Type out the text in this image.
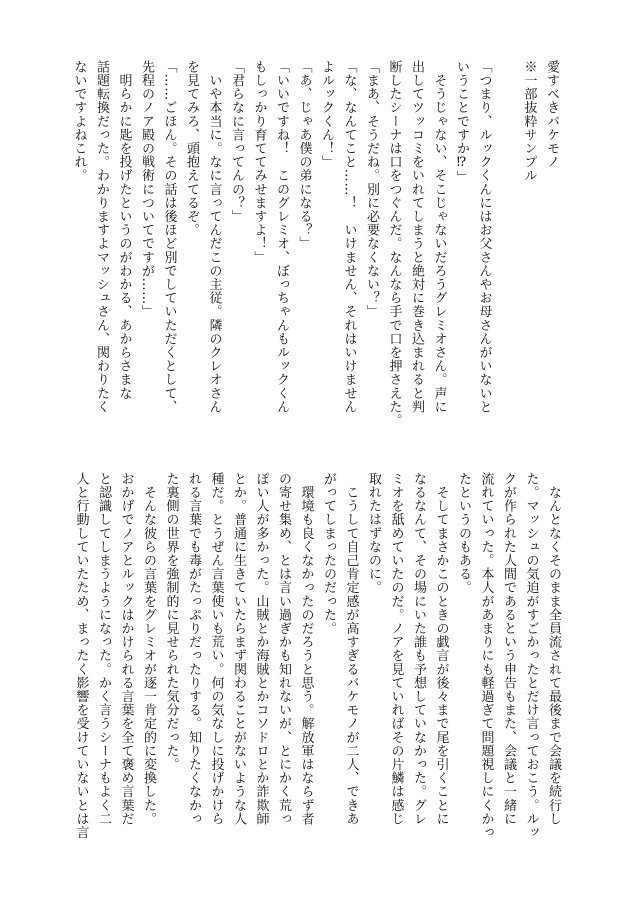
愛すべきバケモノ
※一部抜粋サンプル

「つまり、ルックくんにはお父さんやお母さんがいないと
いうことですか⁉」
　そうじゃない、そこじゃないだろうグレミオさん。声に
出してツッコミをいれてしまうと絶対に巻き込まれると判
断したシーナは口をつぐんだ。なんなら手で口を押さえた。
「まあ、そうだね。別に必要なくない？」
「な、なんてこと……！　いけません、それはいけません
よルックくん！」
「あ、じゃあ僕の弟になる？」
「いいですね！　このグレミオ、ぼっちゃんもルックくん
もしっかり育ててみせますよ！」
「君らなに言ってんの？」
　いや本当に。なに言ってんだこの主従。隣のクレオさん
を見てみろ、頭抱えてるぞ。
「……ごほん。その話は後ほど別でしていただくとして、
先程のノア殿の戦術についてですが……」
　明らかに匙を投げたというのがわかる、あからさまな
話題転換だった。わかりますよマッシュさん、関わりたく
ないですよねこれ。
　なんとなくそのまま全員流されて最後まで会議を続行し
た。マッシュの気迫がすごかったとだけ言っておこう。ルッ
クが作られた人間であるという申告もまた、会議と一緒に
流れていった。本人があまりにも軽過ぎて問題視しにくかっ
たというのもある。
　そしてまさかこのときの戯言が後々まで尾を引くことに
なるなんて、その場にいた誰も予想していなかった。グレ
ミオを舐めていたのだ。ノアを見ていればその片鱗は感じ
取れたはずなのに。
　こうして自己肯定感が高すぎるバケモノが二人、できあ
がってしまったのだった。
　環境も良くなかったのだろうと思う。解放軍はならず者
の寄せ集め、とは言い過ぎかも知れないが、とにかく荒っ
ぽい人が多かった。山賊とか海賊とかコソドロとか詐欺師
とか。普通に生きていたらまず関わることがないような人
種だ。とうぜん言葉使いも荒い。何の気なしに投げかけら
れる言葉でも毒がたっぷりだったりする。知りたくなかっ
た裏側の世界を強制的に見せられた気分だった。
　そんな彼らの言葉をグレミオが逐一肯定的に変換した。
おかげでノアとルックはかけられる言葉を全て褒め言葉だ
と認識してしまうようになった。かく言うシーナもよく二
人と行動していたため、まったく影響を受けていないとは言
